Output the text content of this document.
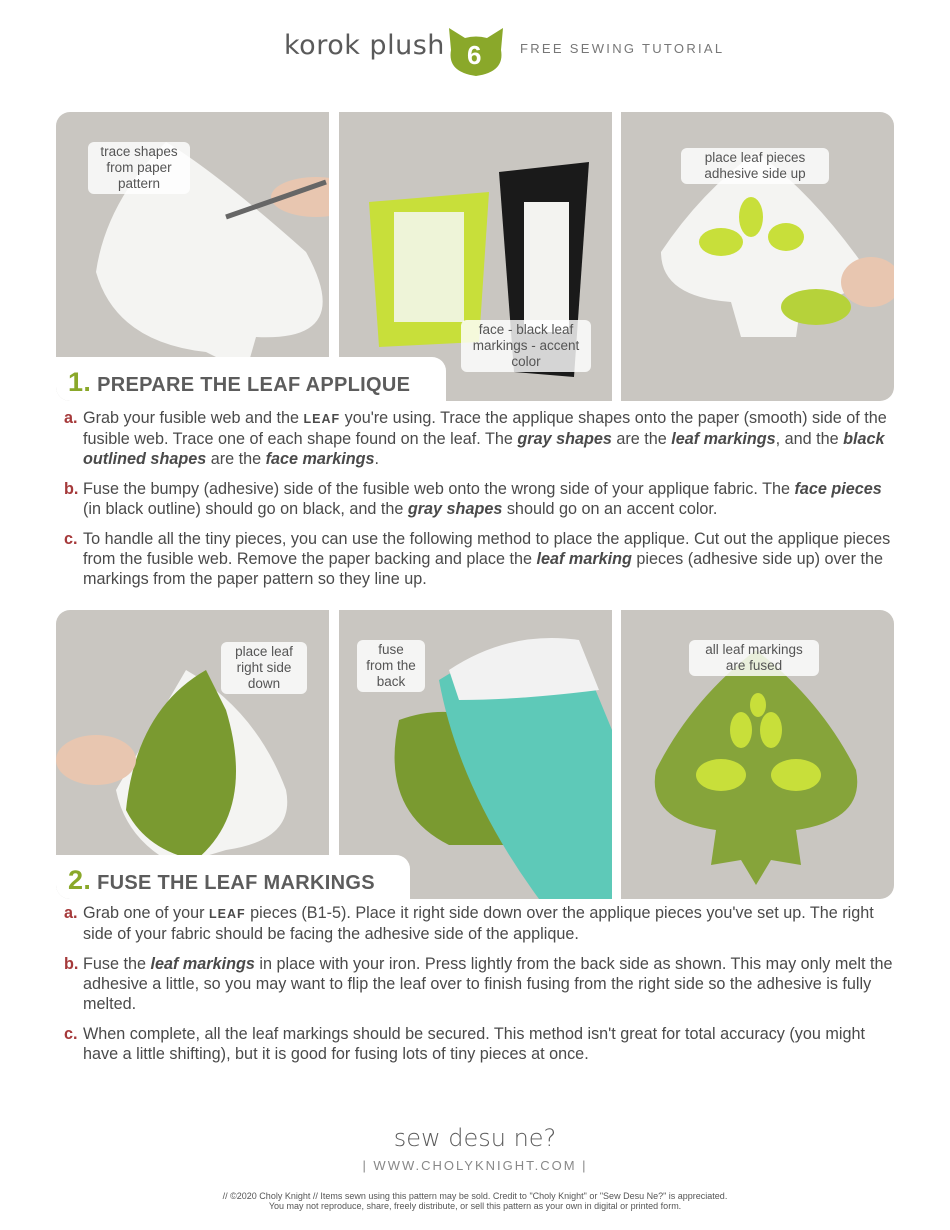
korok plush 6	FREE SEWING TUTORIAL
trace shapes from paper pattern
face - black leaf markings - accent color
place leaf pieces adhesive side up
1. PREPARE THE LEAF APPLIQUE
a. Grab your fusible web and the LEAF you're using. Trace the applique shapes onto the paper (smooth) side of the fusible web. Trace one of each shape found on the leaf. The gray shapes are the leaf markings, and the black outlined shapes are the face markings.
b. Fuse the bumpy (adhesive) side of the fusible web onto the wrong side of your applique fabric. The face pieces (in black outline) should go on black, and the gray shapes should go on an accent color.
c. To handle all the tiny pieces, you can use the following method to place the applique. Cut out the applique pieces from the fusible web. Remove the paper backing and place the leaf marking pieces (adhesive side up) over the markings from the paper pattern so they line up.
place leaf right side down
fuse from the back
all leaf markings are fused
2. FUSE THE LEAF MARKINGS
a. Grab one of your LEAF pieces (B1-5). Place it right side down over the applique pieces you've set up. The right side of your fabric should be facing the adhesive side of the applique.
b. Fuse the leaf markings in place with your iron. Press lightly from the back side as shown. This may only melt the adhesive a little, so you may want to flip the leaf over to finish fusing from the right side so the adhesive is fully melted.
c. When complete, all the leaf markings should be secured. This method isn't great for total accuracy (you might have a little shifting), but it is good for fusing lots of tiny pieces at once.
sew desu ne?
| WWW.CHOLYKNIGHT.COM |
// ©2020 Choly Knight // Items sewn using this pattern may be sold. Credit to "Choly Knight" or "Sew Desu Ne?" is appreciated.
You may not reproduce, share, freely distribute, or sell this pattern as your own in digital or printed form.
